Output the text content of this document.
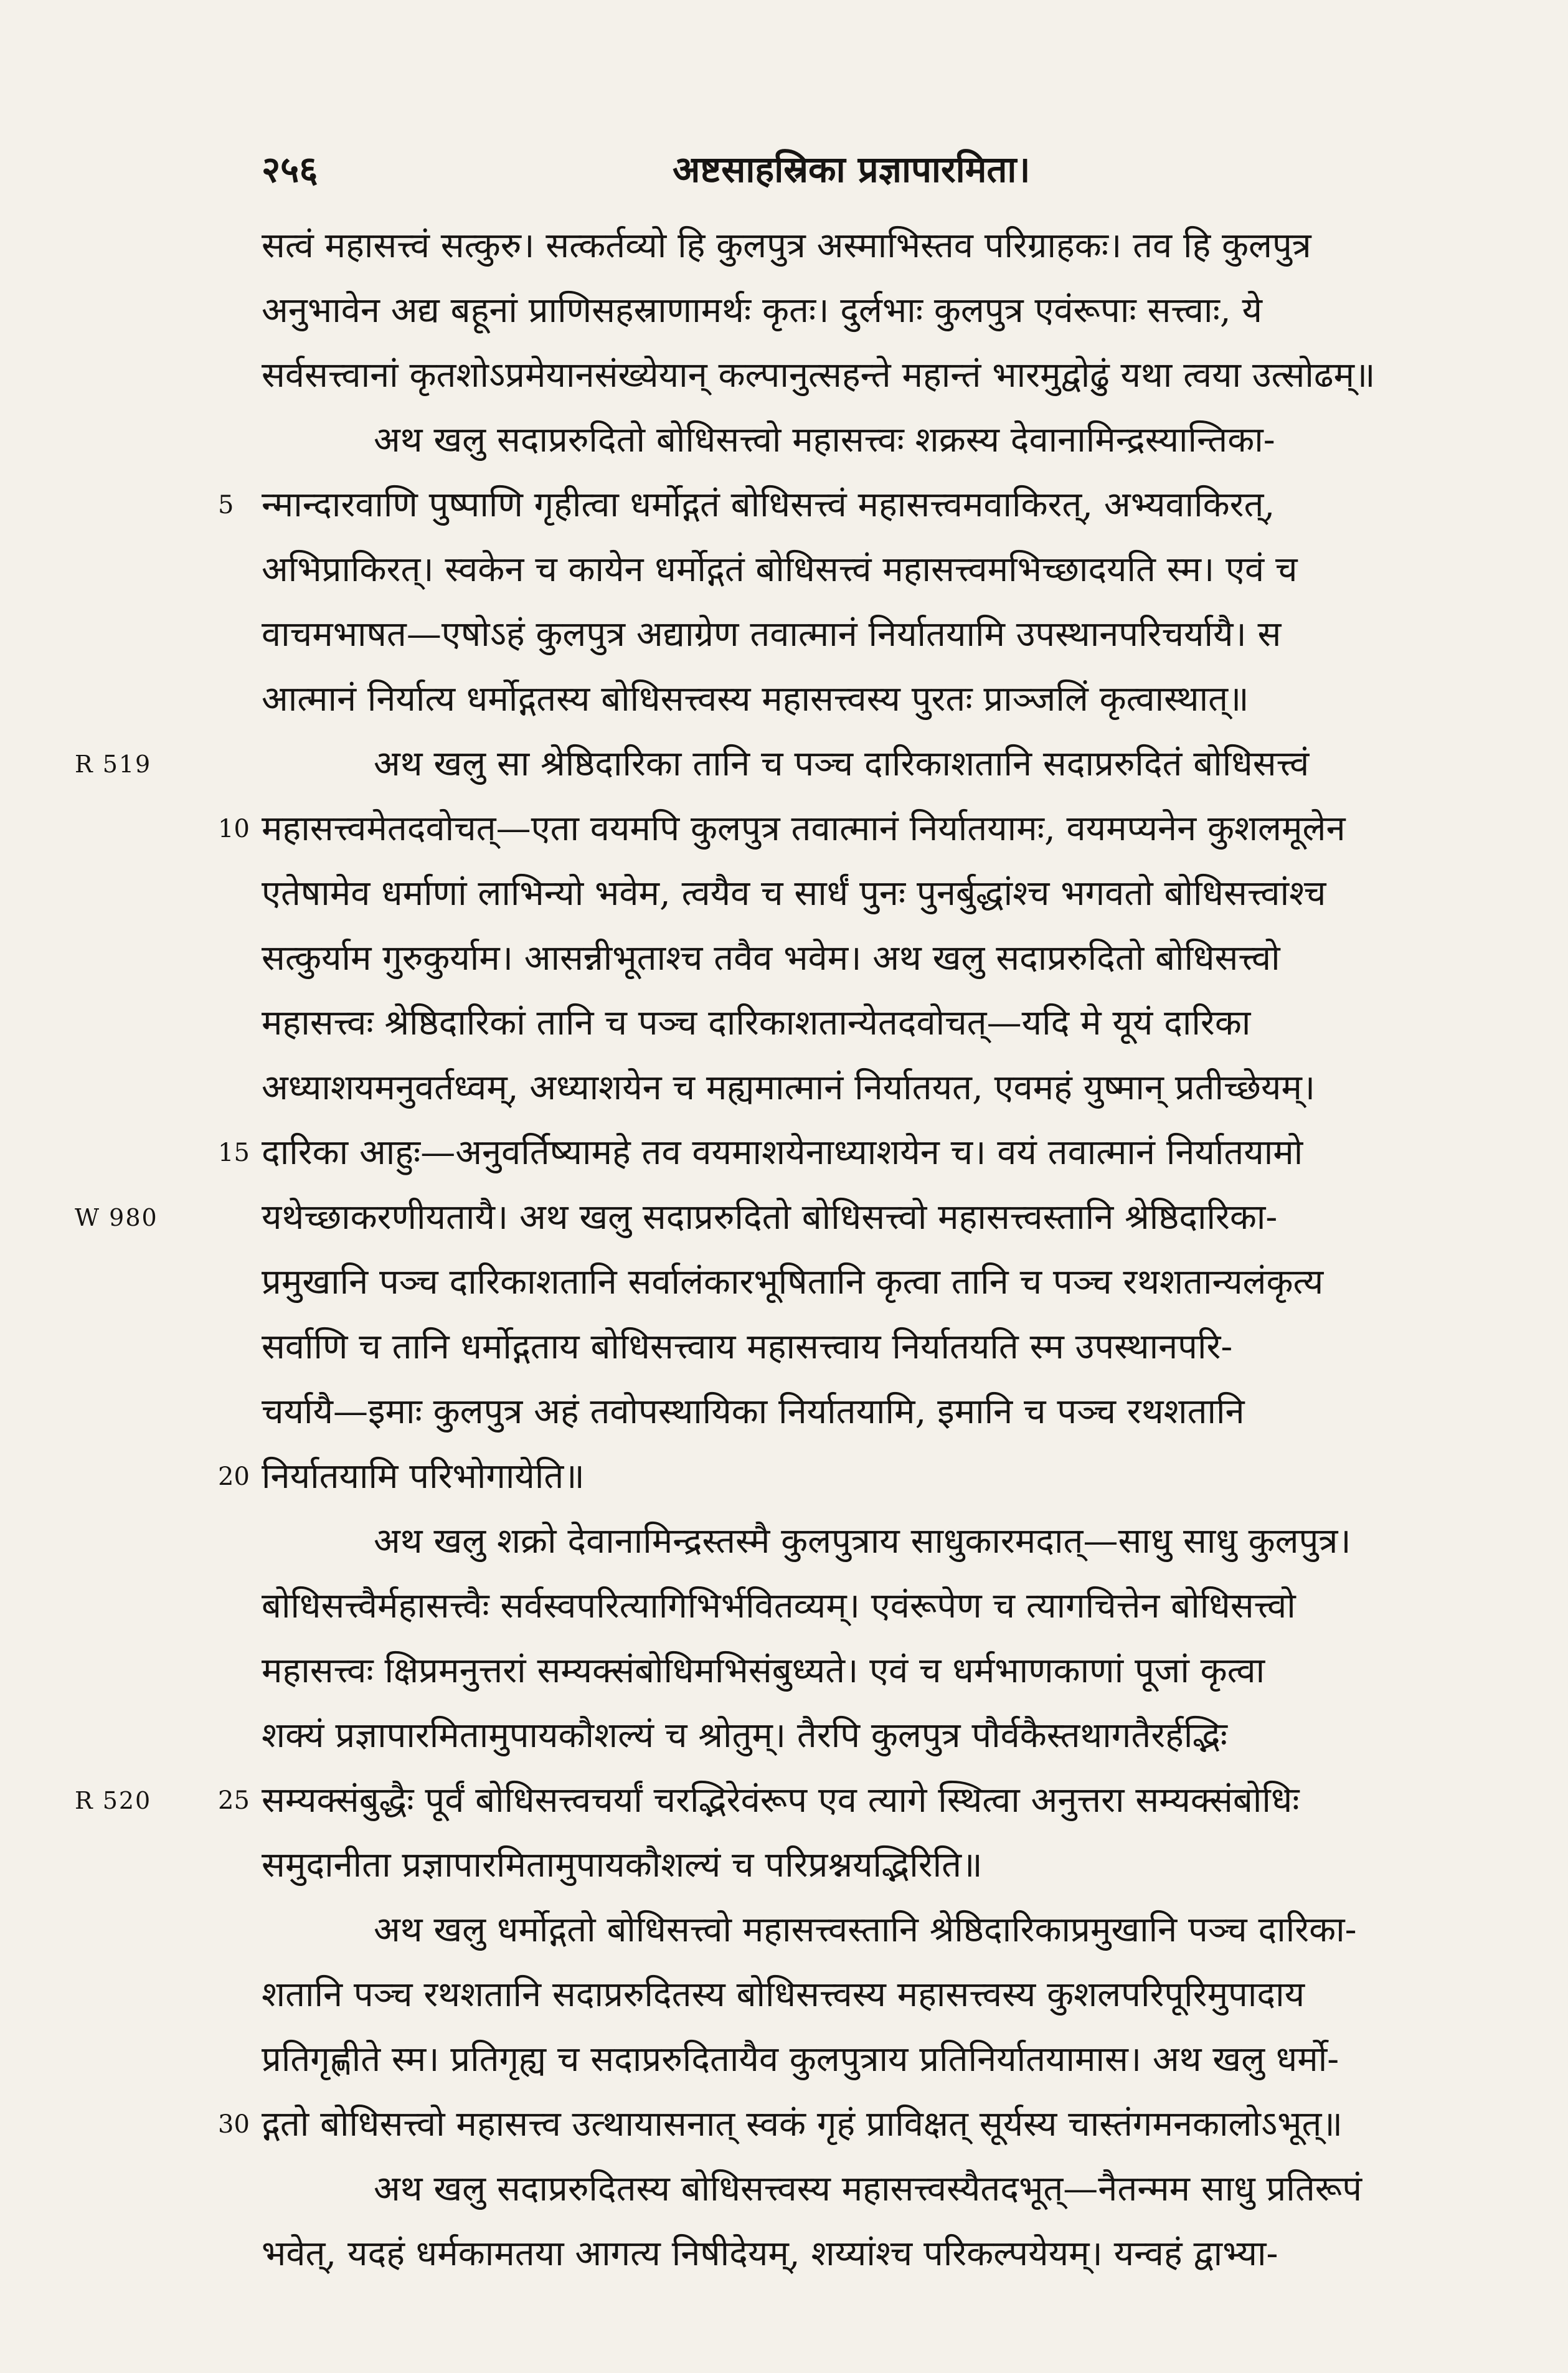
२५६	अष्टसाहस्रिका प्रज्ञापारमिता।
सत्वं महासत्त्वं सत्कुरु। सत्कर्तव्यो हि कुलपुत्र अस्माभिस्तव परिग्राहकः। तव हि कुलपुत्र
अनुभावेन अद्य बहूनां प्राणिसहस्राणामर्थः कृतः। दुर्लभाः कुलपुत्र एवंरूपाः सत्त्वाः, ये
सर्वसत्त्वानां कृतशोऽप्रमेयानसंख्येयान् कल्पानुत्सहन्ते महान्तं भारमुद्वोढुं यथा त्वया उत्सोढम्॥
अथ खलु सदाप्ररुदितो बोधिसत्त्वो महासत्त्वः शक्रस्य देवानामिन्द्रस्यान्तिका-
न्मान्दारवाणि पुष्पाणि गृहीत्वा धर्मोद्गतं बोधिसत्त्वं महासत्त्वमवाकिरत्, अभ्यवाकिरत्,
अभिप्राकिरत्। स्वकेन च कायेन धर्मोद्गतं बोधिसत्त्वं महासत्त्वमभिच्छादयति स्म। एवं च
वाचमभाषत—एषोऽहं कुलपुत्र अद्याग्रेण तवात्मानं निर्यातयामि उपस्थानपरिचर्यायै। स
आत्मानं निर्यात्य धर्मोद्गतस्य बोधिसत्त्वस्य महासत्त्वस्य पुरतः प्राञ्जलिं कृत्वास्थात्॥
अथ खलु सा श्रेष्ठिदारिका तानि च पञ्च दारिकाशतानि सदाप्ररुदितं बोधिसत्त्वं
महासत्त्वमेतदवोचत्—एता वयमपि कुलपुत्र तवात्मानं निर्यातयामः, वयमप्यनेन कुशलमूलेन
एतेषामेव धर्माणां लाभिन्यो भवेम, त्वयैव च सार्धं पुनः पुनर्बुद्धांश्च भगवतो बोधिसत्त्वांश्च
सत्कुर्याम गुरुकुर्याम। आसन्नीभूताश्च तवैव भवेम। अथ खलु सदाप्ररुदितो बोधिसत्त्वो
महासत्त्वः श्रेष्ठिदारिकां तानि च पञ्च दारिकाशतान्येतदवोचत्—यदि मे यूयं दारिका
अध्याशयमनुवर्तध्वम्, अध्याशयेन च मह्यमात्मानं निर्यातयत, एवमहं युष्मान् प्रतीच्छेयम्।
दारिका आहुः—अनुवर्तिष्यामहे तव वयमाशयेनाध्याशयेन च। वयं तवात्मानं निर्यातयामो
यथेच्छाकरणीयतायै। अथ खलु सदाप्ररुदितो बोधिसत्त्वो महासत्त्वस्तानि श्रेष्ठिदारिका-
प्रमुखानि पञ्च दारिकाशतानि सर्वालंकारभूषितानि कृत्वा तानि च पञ्च रथशतान्यलंकृत्य
सर्वाणि च तानि धर्मोद्गताय बोधिसत्त्वाय महासत्त्वाय निर्यातयति स्म उपस्थानपरि-
चर्यायै—इमाः कुलपुत्र अहं तवोपस्थायिका निर्यातयामि, इमानि च पञ्च रथशतानि
निर्यातयामि परिभोगायेति॥
अथ खलु शक्रो देवानामिन्द्रस्तस्मै कुलपुत्राय साधुकारमदात्—साधु साधु कुलपुत्र।
बोधिसत्त्वैर्महासत्त्वैः सर्वस्वपरित्यागिभिर्भवितव्यम्। एवंरूपेण च त्यागचित्तेन बोधिसत्त्वो
महासत्त्वः क्षिप्रमनुत्तरां सम्यक्संबोधिमभिसंबुध्यते। एवं च धर्मभाणकाणां पूजां कृत्वा
शक्यं प्रज्ञापारमितामुपायकौशल्यं च श्रोतुम्। तैरपि कुलपुत्र पौर्वकैस्तथागतैरर्हद्भिः
सम्यक्संबुद्धैः पूर्वं बोधिसत्त्वचर्यां चरद्भिरेवंरूप एव त्यागे स्थित्वा अनुत्तरा सम्यक्संबोधिः
समुदानीता प्रज्ञापारमितामुपायकौशल्यं च परिप्रश्नयद्भिरिति॥
अथ खलु धर्मोद्गतो बोधिसत्त्वो महासत्त्वस्तानि श्रेष्ठिदारिकाप्रमुखानि पञ्च दारिका-
शतानि पञ्च रथशतानि सदाप्ररुदितस्य बोधिसत्त्वस्य महासत्त्वस्य कुशलपरिपूरिमुपादाय
प्रतिगृह्णीते स्म। प्रतिगृह्य च सदाप्ररुदितायैव कुलपुत्राय प्रतिनिर्यातयामास। अथ खलु धर्मो-
द्गतो बोधिसत्त्वो महासत्त्व उत्थायासनात् स्वकं गृहं प्राविक्षत् सूर्यस्य चास्तंगमनकालोऽभूत्॥
अथ खलु सदाप्ररुदितस्य बोधिसत्त्वस्य महासत्त्वस्यैतदभूत्—नैतन्मम साधु प्रतिरूपं
भवेत्, यदहं धर्मकामतया आगत्य निषीदेयम्, शय्यांश्च परिकल्पयेयम्। यन्वहं द्वाभ्या-
5
R 519
10
15
W 980
20
25
R 520
30
